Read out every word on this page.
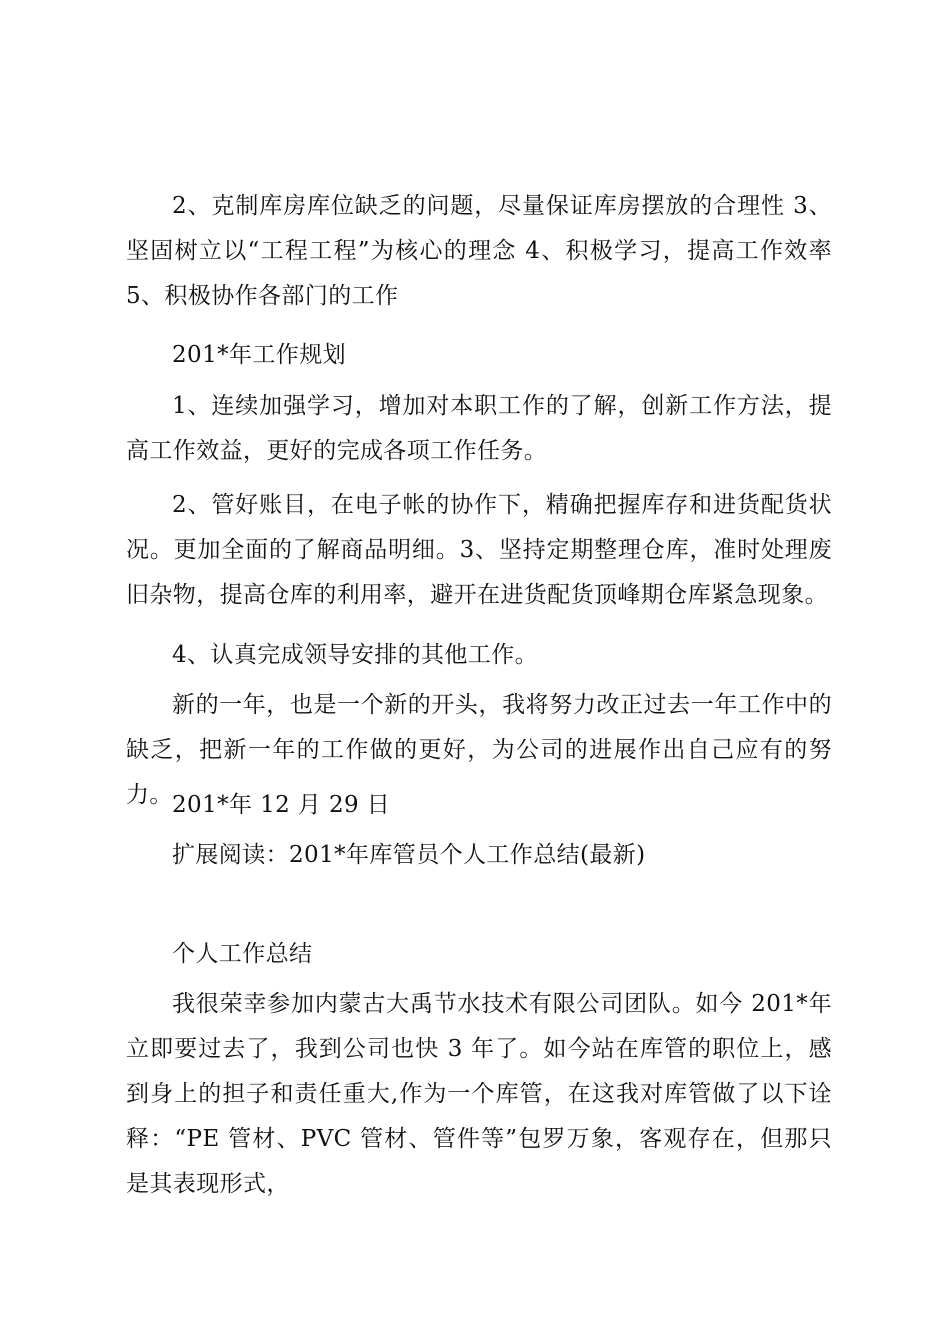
2、克制库房库位缺乏的问题，尽量保证库房摆放的合理性 3、坚固树立以“工程工程”为核心的理念 4、积极学习，提高工作效率 5、积极协作各部门的工作

201*年工作规划

1、连续加强学习，增加对本职工作的了解，创新工作方法，提高工作效益，更好的完成各项工作任务。

2、管好账目，在电子帐的协作下，精确把握库存和进货配货状况。更加全面的了解商品明细。3、坚持定期整理仓库，准时处理废旧杂物，提高仓库的利用率，避开在进货配货顶峰期仓库紧急现象。

4、认真完成领导安排的其他工作。

新的一年，也是一个新的开头，我将努力改正过去一年工作中的缺乏，把新一年的工作做的更好，为公司的进展作出自己应有的努力。 201*年 12 月 29 日

扩展阅读：201*年库管员个人工作总结(最新)

个人工作总结

我很荣幸参加内蒙古大禹节水技术有限公司团队。如今 201*年立即要过去了，我到公司也快 3 年了。如今站在库管的职位上，感到身上的担子和责任重大,作为一个库管，在这我对库管做了以下诠释：“PE 管材、PVC 管材、管件等”包罗万象，客观存在，但那只是其表现形式，
